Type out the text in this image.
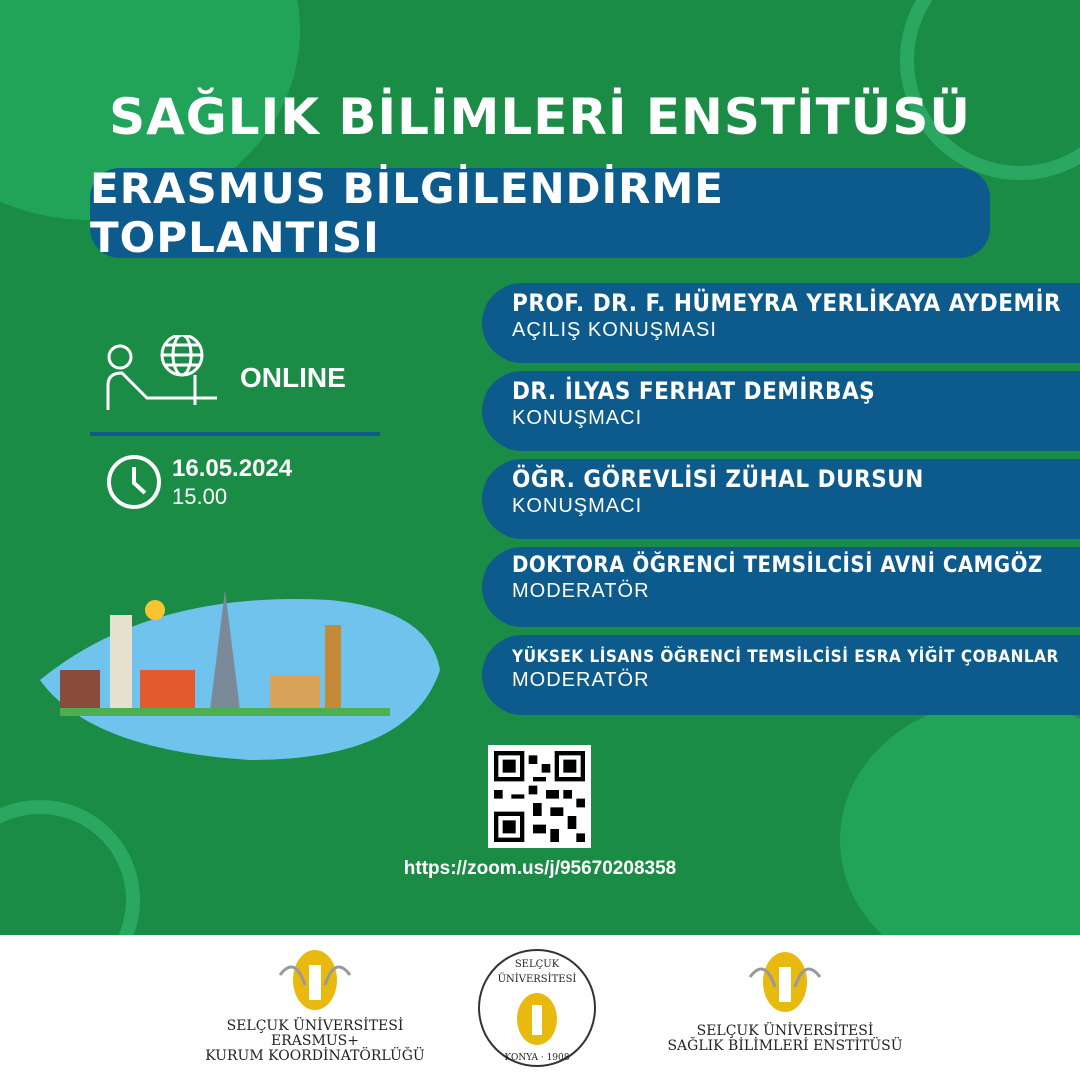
SAĞLIK BİLİMLERİ ENSTİTÜSÜ
ERASMUS BİLGİLENDİRME TOPLANTISI
ONLINE
16.05.2024
15.00
PROF. DR. F. HÜMEYRA YERLİKAYA AYDEMİR
AÇILIŞ KONUŞMASI
DR. İLYAS FERHAT DEMİRBAŞ
KONUŞMACI
ÖĞR. GÖREVLİSİ ZÜHAL DURSUN
KONUŞMACI
DOKTORA ÖĞRENCİ TEMSİLCİSİ AVNİ CAMGÖZ
MODERATÖR
YÜKSEK LİSANS ÖĞRENCİ TEMSİLCİSİ ESRA YİĞİT ÇOBANLAR
MODERATÖR
https://zoom.us/j/95670208358
SELÇUK ÜNİVERSİTESİ
ERASMUS+
KURUM KOORDİNATÖRLÜĞÜ
SELÇUK ÜNİVERSİTESİ
KONYA · 1908
SELÇUK ÜNİVERSİTESİ
SAĞLIK BİLİMLERİ ENSTİTÜSÜ
